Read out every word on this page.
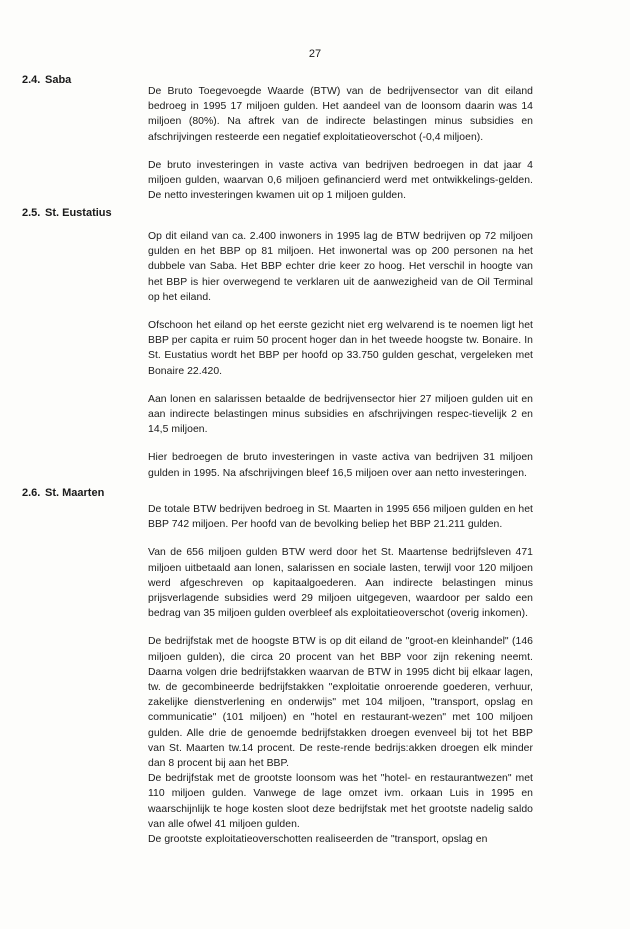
27
2.4. Saba

De Bruto Toegevoegde Waarde (BTW) van de bedrijvensector van dit eiland bedroeg in 1995 17 miljoen gulden. Het aandeel van de loonsom daarin was 14 miljoen (80%). Na aftrek van de indirecte belastingen minus subsidies en afschrijvingen resteerde een negatief exploitatieoverschot (-0,4 miljoen).

De bruto investeringen in vaste activa van bedrijven bedroegen in dat jaar 4 miljoen gulden, waarvan 0,6 miljoen gefinancierd werd met ontwikkelings-gelden. De netto investeringen kwamen uit op 1 miljoen gulden.

2.5. St. Eustatius

Op dit eiland van ca. 2.400 inwoners in 1995 lag de BTW bedrijven op 72 miljoen gulden en het BBP op 81 miljoen. Het inwonertal was op 200 personen na het dubbele van Saba. Het BBP echter drie keer zo hoog. Het verschil in hoogte van het BBP is hier overwegend te verklaren uit de aanwezigheid van de Oil Terminal op het eiland.

Ofschoon het eiland op het eerste gezicht niet erg welvarend is te noemen ligt het BBP per capita er ruim 50 procent hoger dan in het tweede hoogste tw. Bonaire. In St. Eustatius wordt het BBP per hoofd op 33.750 gulden geschat, vergeleken met Bonaire 22.420.

Aan lonen en salarissen betaalde de bedrijvensector hier 27 miljoen gulden uit en aan indirecte belastingen minus subsidies en afschrijvingen respec-tievelijk 2 en 14,5 miljoen.

Hier bedroegen de bruto investeringen in vaste activa van bedrijven 31 miljoen gulden in 1995. Na afschrijvingen bleef 16,5 miljoen over aan netto investeringen.

2.6. St. Maarten

De totale BTW bedrijven bedroeg in St. Maarten in 1995 656 miljoen gulden en het BBP 742 miljoen. Per hoofd van de bevolking beliep het BBP 21.211 gulden.

Van de 656 miljoen gulden BTW werd door het St. Maartense bedrijfsleven 471 miljoen uitbetaald aan lonen, salarissen en sociale lasten, terwijl voor 120 miljoen werd afgeschreven op kapitaalgoederen. Aan indirecte belastingen minus prijsverlagende subsidies werd 29 miljoen uitgegeven, waardoor per saldo een bedrag van 35 miljoen gulden overbleef als exploitatieoverschot (overig inkomen).

De bedrijfstak met de hoogste BTW is op dit eiland de "groot-en kleinhandel" (146 miljoen gulden), die circa 20 procent van het BBP voor zijn rekening neemt. Daarna volgen drie bedrijfstakken waarvan de BTW in 1995 dicht bij elkaar lagen, tw. de gecombineerde bedrijfstakken "exploitatie onroerende goederen, verhuur, zakelijke dienstverlening en onderwijs" met 104 miljoen, "transport, opslag en communicatie" (101 miljoen) en "hotel en restaurant-wezen" met 100 miljoen gulden. Alle drie de genoemde bedrijfstakken droegen evenveel bij tot het BBP van St. Maarten tw.14 procent. De reste-rende bedrijs:akken droegen elk minder dan 8 procent bij aan het BBP.

De bedrijfstak met de grootste loonsom was het "hotel- en restaurantwezen" met 110 miljoen gulden. Vanwege de lage omzet ivm. orkaan Luis in 1995 en waarschijnlijk te hoge kosten sloot deze bedrijfstak met het grootste nadelig saldo van alle ofwel 41 miljoen gulden.

De grootste exploitatieoverschotten realiseerden de "transport, opslag en
